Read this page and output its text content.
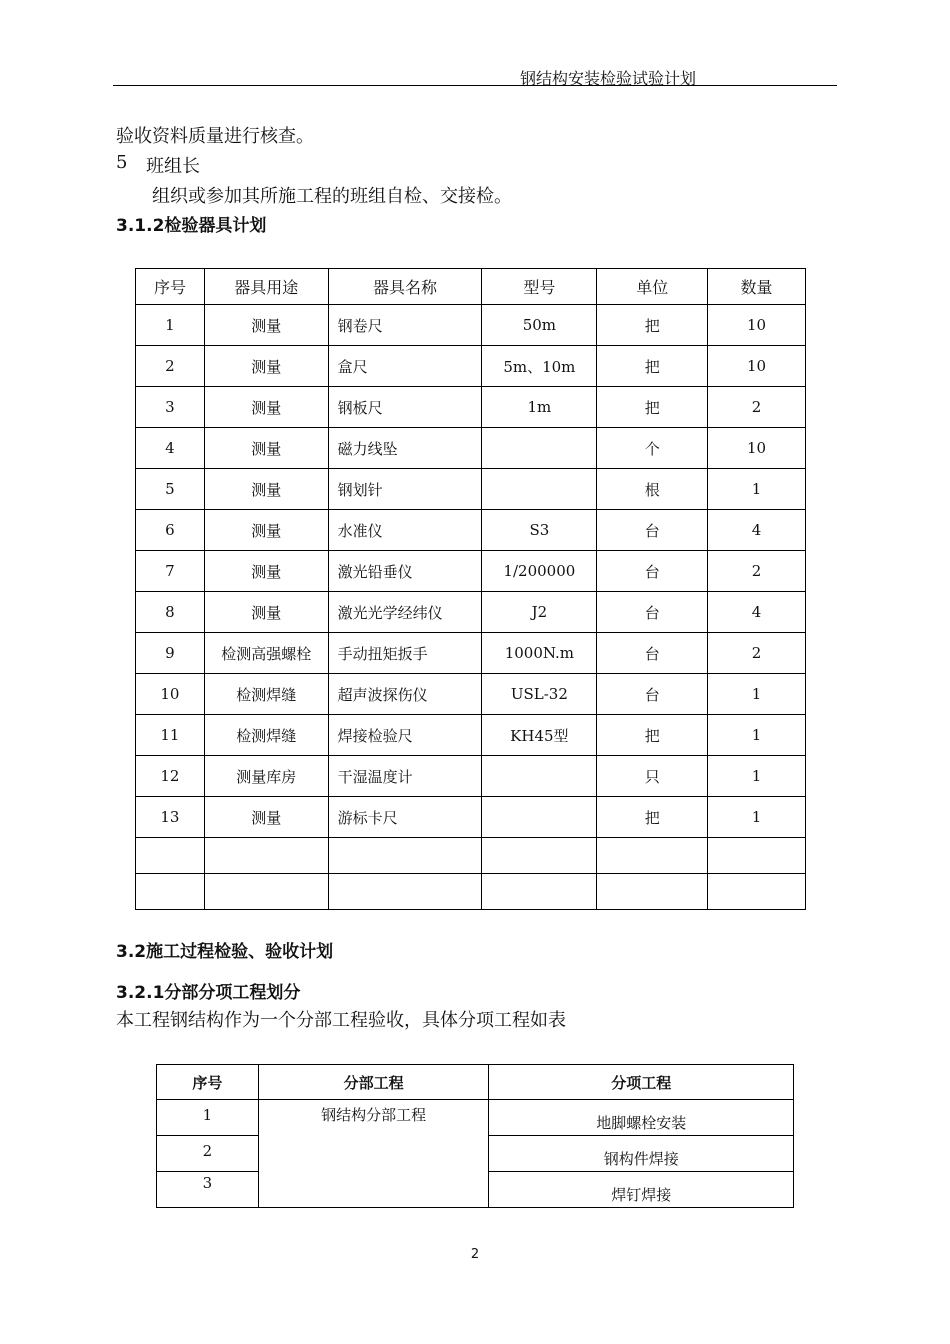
钢结构安装检验试验计划
验收资料质量进行核查。
5 班组长
组织或参加其所施工程的班组自检、交接检。
3.1.2检验器具计划
序号	器具用途	器具名称	型号	单位	数量
1	测量	钢卷尺	50m	把	10
2	测量	盒尺	5m、10m	把	10
3	测量	钢板尺	1m	把	2
4	测量	磁力线坠		个	10
5	测量	钢划针		根	1
6	测量	水准仪	S3	台	4
7	测量	激光铅垂仪	1/200000	台	2
8	测量	激光光学经纬仪	J2	台	4
9	检测高强螺栓	手动扭矩扳手	1000N.m	台	2
10	检测焊缝	超声波探伤仪	USL-32	台	1
11	检测焊缝	焊接检验尺	KH45型	把	1
12	测量库房	干湿温度计		只	1
13	测量	游标卡尺		把	1

3.2施工过程检验、验收计划
3.2.1分部分项工程划分
本工程钢结构作为一个分部工程验收，具体分项工程如表
序号	分部工程	分项工程
1	钢结构分部工程	地脚螺栓安装
2		钢构件焊接
3		焊钉焊接
2
